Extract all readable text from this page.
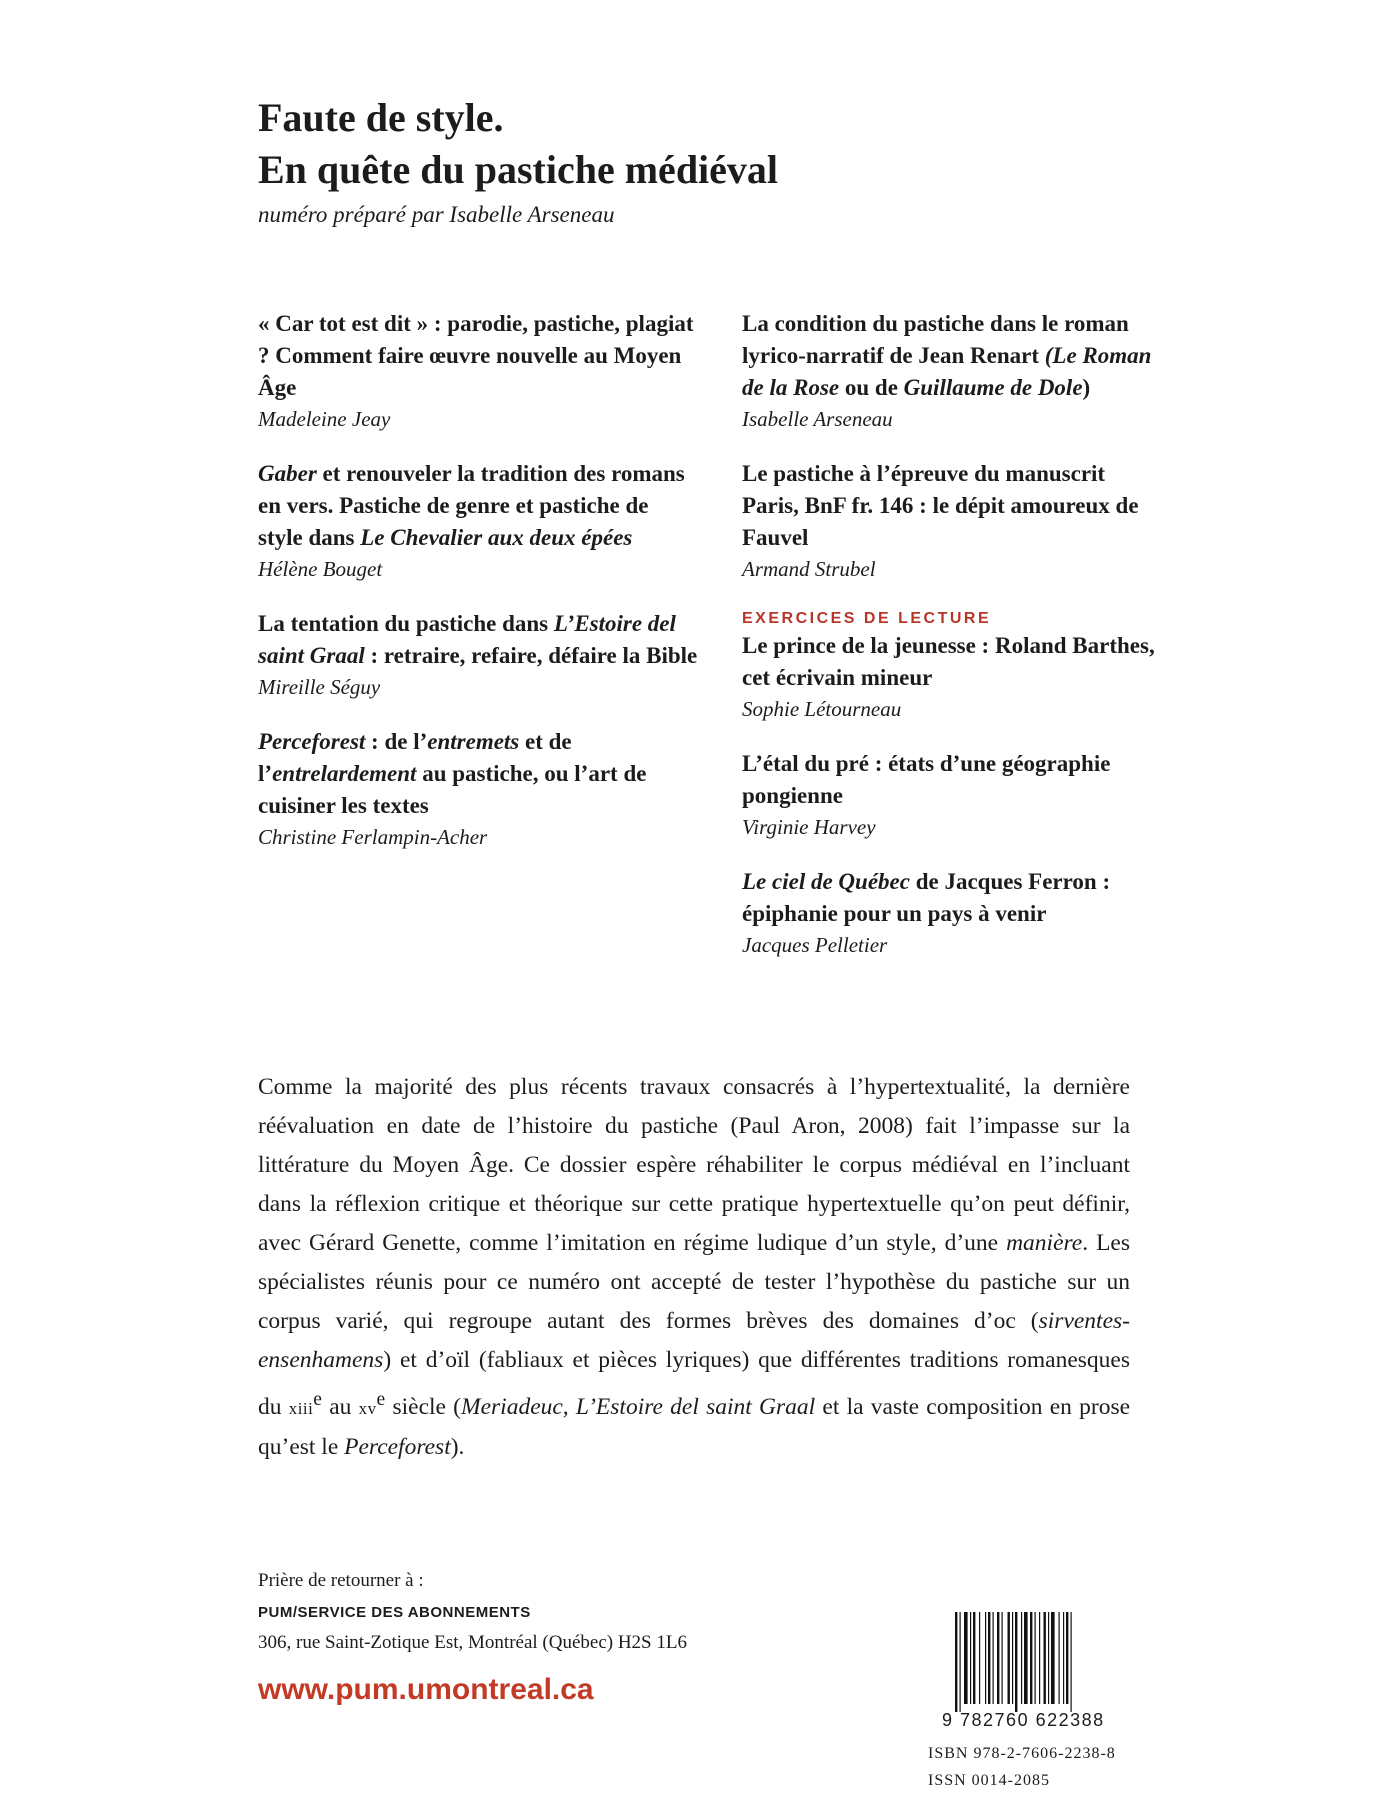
Faute de style.
En quête du pastiche médiéval
numéro préparé par Isabelle Arseneau
« Car tot est dit » : parodie, pastiche, plagiat ? Comment faire œuvre nouvelle au Moyen Âge
Madeleine Jeay
Gaber et renouveler la tradition des romans en vers. Pastiche de genre et pastiche de style dans Le Chevalier aux deux épées
Hélène Bouget
La tentation du pastiche dans L’Estoire del saint Graal : retraire, refaire, défaire la Bible
Mireille Séguy
Perceforest : de l’entremets et de l’entrelardement au pastiche, ou l’art de cuisiner les textes
Christine Ferlampin-Acher
La condition du pastiche dans le roman lyrico-narratif de Jean Renart (Le Roman de la Rose ou de Guillaume de Dole)
Isabelle Arseneau
Le pastiche à l’épreuve du manuscrit Paris, BnF fr. 146 : le dépit amoureux de Fauvel
Armand Strubel
EXERCICES DE LECTURE
Le prince de la jeunesse : Roland Barthes, cet écrivain mineur
Sophie Létourneau
L’étal du pré : états d’une géographie pongienne
Virginie Harvey
Le ciel de Québec de Jacques Ferron : épiphanie pour un pays à venir
Jacques Pelletier
Comme la majorité des plus récents travaux consacrés à l’hypertextualité, la dernière réévaluation en date de l’histoire du pastiche (Paul Aron, 2008) fait l’impasse sur la littérature du Moyen Âge. Ce dossier espère réhabiliter le corpus médiéval en l’incluant dans la réflexion critique et théorique sur cette pratique hypertextuelle qu’on peut définir, avec Gérard Genette, comme l’imitation en régime ludique d’un style, d’une manière. Les spécialistes réunis pour ce numéro ont accepté de tester l’hypothèse du pastiche sur un corpus varié, qui regroupe autant des formes brèves des domaines d’oc (sirventes-ensenhamens) et d’oïl (fabliaux et pièces lyriques) que différentes traditions romanesques du xiii$^e$ au $xv^e$ siècle (Meriadeuc, L’Estoire del saint Graal et la vaste composition en prose qu’est le Perceforest).
Prière de retourner à :
PUM/SERVICE DES ABONNEMENTS
306, rue Saint-Zotique Est, Montréal (Québec) H2S 1L6
www.pum.umontreal.ca
9 782760 622388
ISBN 978-2-7606-2238-8
ISSN 0014-2085
